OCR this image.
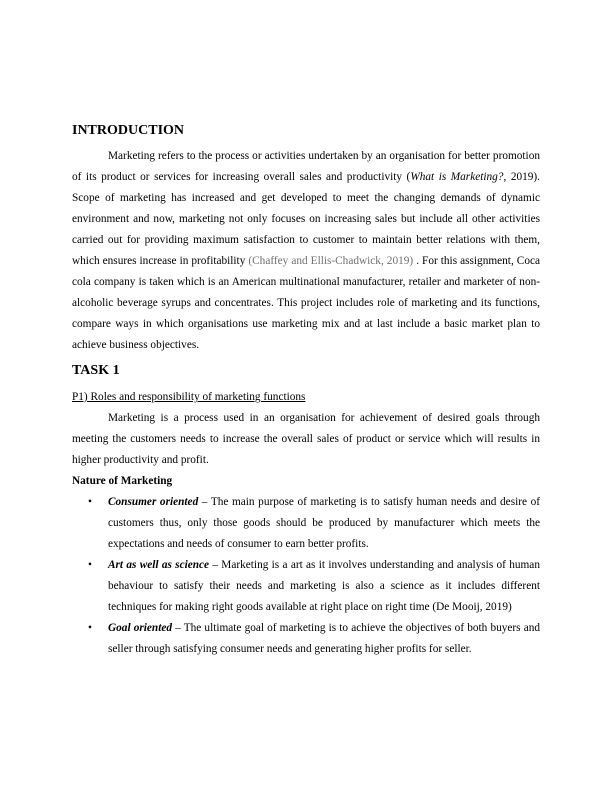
INTRODUCTION

Marketing refers to the process or activities undertaken by an organisation for better promotion of its product or services for increasing overall sales and productivity (What is Marketing?, 2019). Scope of marketing has increased and get developed to meet the changing demands of dynamic environment and now, marketing not only focuses on increasing sales but include all other activities carried out for providing maximum satisfaction to customer to maintain better relations with them, which ensures increase in profitability (Chaffey and Ellis-Chadwick, 2019) . For this assignment, Coca cola company is taken which is an American multinational manufacturer, retailer and marketer of non-alcoholic beverage syrups and concentrates. This project includes role of marketing and its functions, compare ways in which organisations use marketing mix and at last include a basic market plan to achieve business objectives.

TASK 1

P1) Roles and responsibility of marketing functions

Marketing is a process used in an organisation for achievement of desired goals through meeting the customers needs to increase the overall sales of product or service which will results in higher productivity and profit.

Nature of Marketing

• Consumer oriented – The main purpose of marketing is to satisfy human needs and desire of customers thus, only those goods should be produced by manufacturer which meets the expectations and needs of consumer to earn better profits.
• Art as well as science – Marketing is a art as it involves understanding and analysis of human behaviour to satisfy their needs and marketing is also a science as it includes different techniques for making right goods available at right place on right time (De Mooij, 2019)
• Goal oriented – The ultimate goal of marketing is to achieve the objectives of both buyers and seller through satisfying consumer needs and generating higher profits for seller.
